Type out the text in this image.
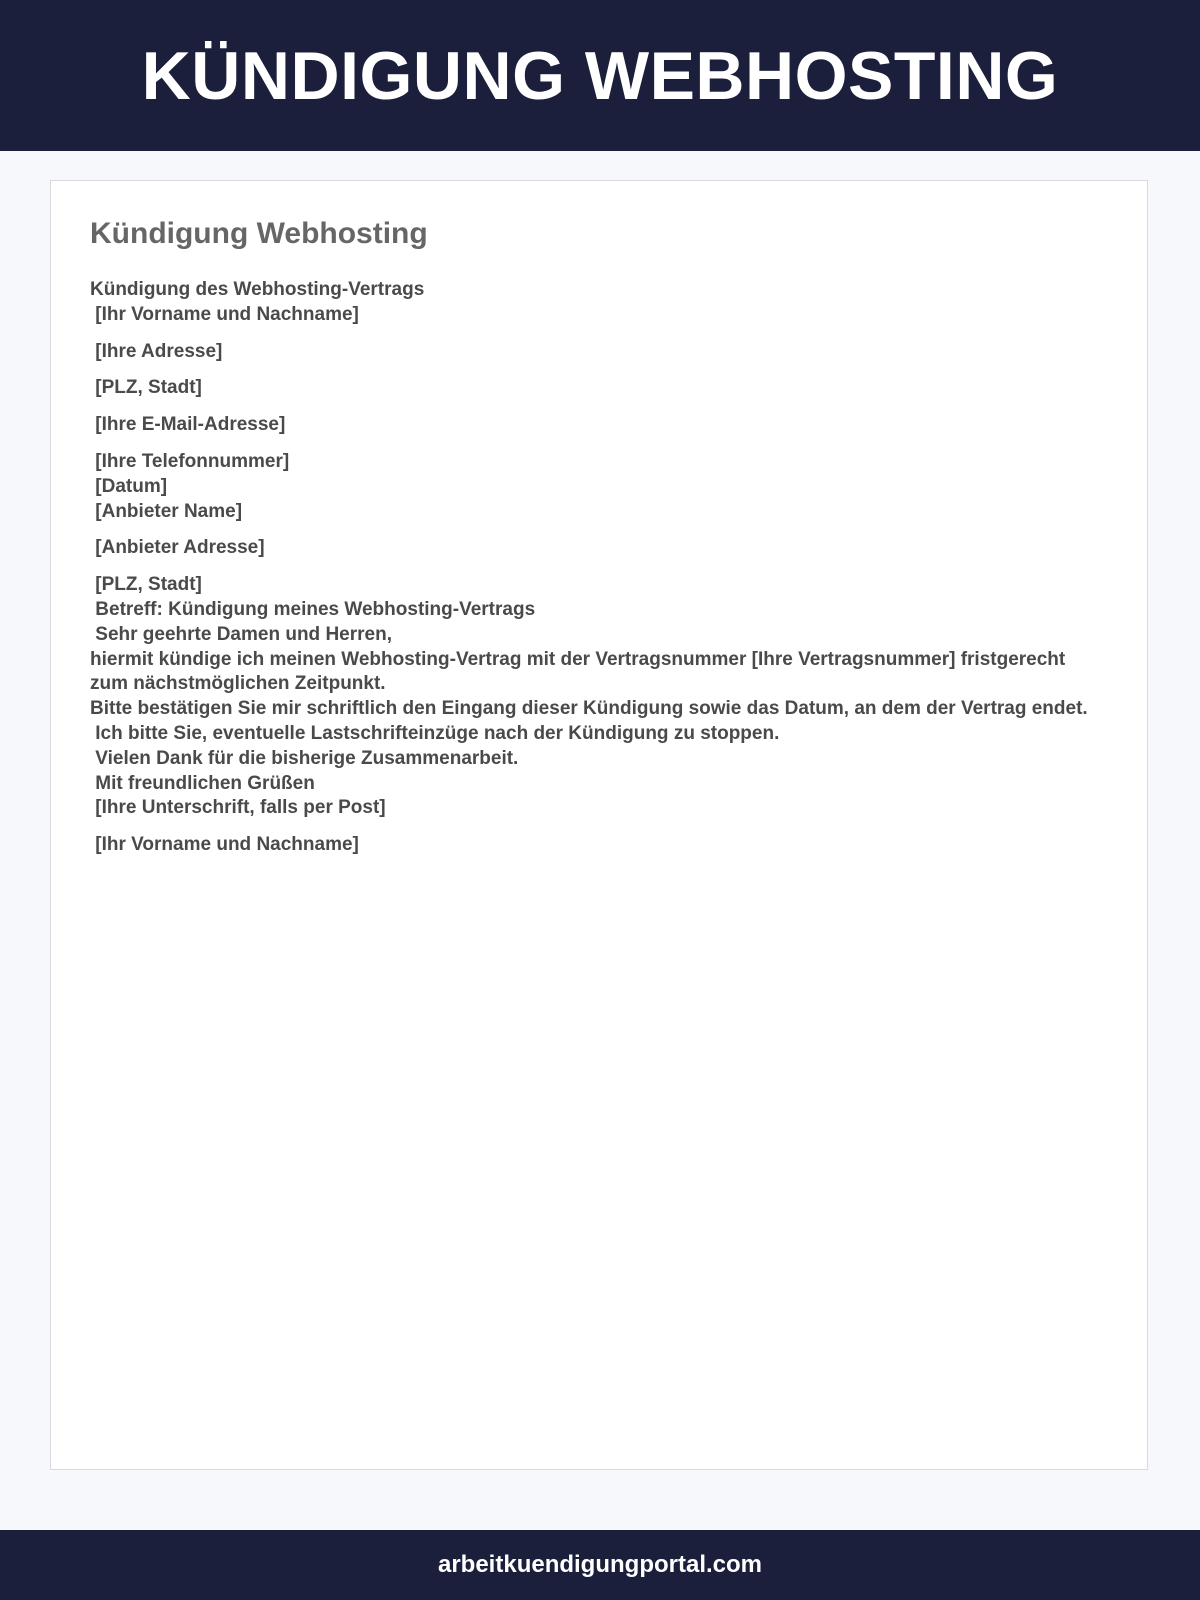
KÜNDIGUNG WEBHOSTING
Kündigung Webhosting
Kündigung des Webhosting-Vertrags
[Ihr Vorname und Nachname]
[Ihre Adresse]
[PLZ, Stadt]
[Ihre E-Mail-Adresse]
[Ihre Telefonnummer]
[Datum]
[Anbieter Name]
[Anbieter Adresse]
[PLZ, Stadt]
Betreff: Kündigung meines Webhosting-Vertrags
Sehr geehrte Damen und Herren,
hiermit kündige ich meinen Webhosting-Vertrag mit der Vertragsnummer [Ihre Vertragsnummer] fristgerecht zum nächstmöglichen Zeitpunkt.
Bitte bestätigen Sie mir schriftlich den Eingang dieser Kündigung sowie das Datum, an dem der Vertrag endet.
Ich bitte Sie, eventuelle Lastschrifteinzüge nach der Kündigung zu stoppen.
Vielen Dank für die bisherige Zusammenarbeit.
Mit freundlichen Grüßen
[Ihre Unterschrift, falls per Post]
[Ihr Vorname und Nachname]
arbeitkuendigungportal.com
